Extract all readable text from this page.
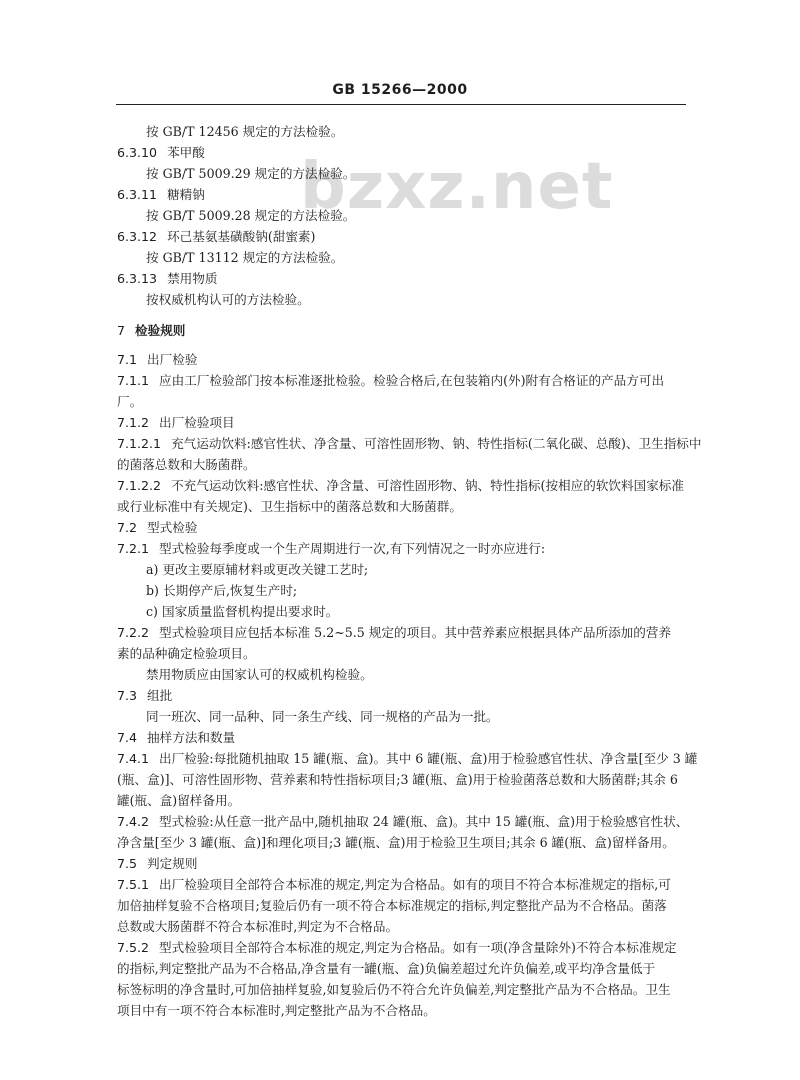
bzxz.net
GB 15266—2000
按 GB/T 12456 规定的方法检验。
6.3.10 苯甲酸
按 GB/T 5009.29 规定的方法检验。
6.3.11 糖精钠
按 GB/T 5009.28 规定的方法检验。
6.3.12 环己基氨基磺酸钠(甜蜜素)
按 GB/T 13112 规定的方法检验。
6.3.13 禁用物质
按权威机构认可的方法检验。
7 检验规则
7.1 出厂检验
7.1.1 应由工厂检验部门按本标准逐批检验。检验合格后,在包装箱内(外)附有合格证的产品方可出
厂。
7.1.2 出厂检验项目
7.1.2.1 充气运动饮料:感官性状、净含量、可溶性固形物、钠、特性指标(二氧化碳、总酸)、卫生指标中
的菌落总数和大肠菌群。
7.1.2.2 不充气运动饮料:感官性状、净含量、可溶性固形物、钠、特性指标(按相应的软饮料国家标准
或行业标准中有关规定)、卫生指标中的菌落总数和大肠菌群。
7.2 型式检验
7.2.1 型式检验每季度或一个生产周期进行一次,有下列情况之一时亦应进行:
a) 更改主要原辅材料或更改关键工艺时;
b) 长期停产后,恢复生产时;
c) 国家质量监督机构提出要求时。
7.2.2 型式检验项目应包括本标准 5.2~5.5 规定的项目。其中营养素应根据具体产品所添加的营养
素的品种确定检验项目。
禁用物质应由国家认可的权威机构检验。
7.3 组批
同一班次、同一品种、同一条生产线、同一规格的产品为一批。
7.4 抽样方法和数量
7.4.1 出厂检验:每批随机抽取 15 罐(瓶、盒)。其中 6 罐(瓶、盒)用于检验感官性状、净含量[至少 3 罐
(瓶、盒)]、可溶性固形物、营养素和特性指标项目;3 罐(瓶、盒)用于检验菌落总数和大肠菌群;其余 6
罐(瓶、盒)留样备用。
7.4.2 型式检验:从任意一批产品中,随机抽取 24 罐(瓶、盒)。其中 15 罐(瓶、盒)用于检验感官性状、
净含量[至少 3 罐(瓶、盒)]和理化项目;3 罐(瓶、盒)用于检验卫生项目;其余 6 罐(瓶、盒)留样备用。
7.5 判定规则
7.5.1 出厂检验项目全部符合本标准的规定,判定为合格品。如有的项目不符合本标准规定的指标,可
加倍抽样复验不合格项目;复验后仍有一项不符合本标准规定的指标,判定整批产品为不合格品。菌落
总数或大肠菌群不符合本标准时,判定为不合格品。
7.5.2 型式检验项目全部符合本标准的规定,判定为合格品。如有一项(净含量除外)不符合本标准规定
的指标,判定整批产品为不合格品,净含量有一罐(瓶、盒)负偏差超过允许负偏差,或平均净含量低于
标签标明的净含量时,可加倍抽样复验,如复验后仍不符合允许负偏差,判定整批产品为不合格品。卫生
项目中有一项不符合本标准时,判定整批产品为不合格品。
